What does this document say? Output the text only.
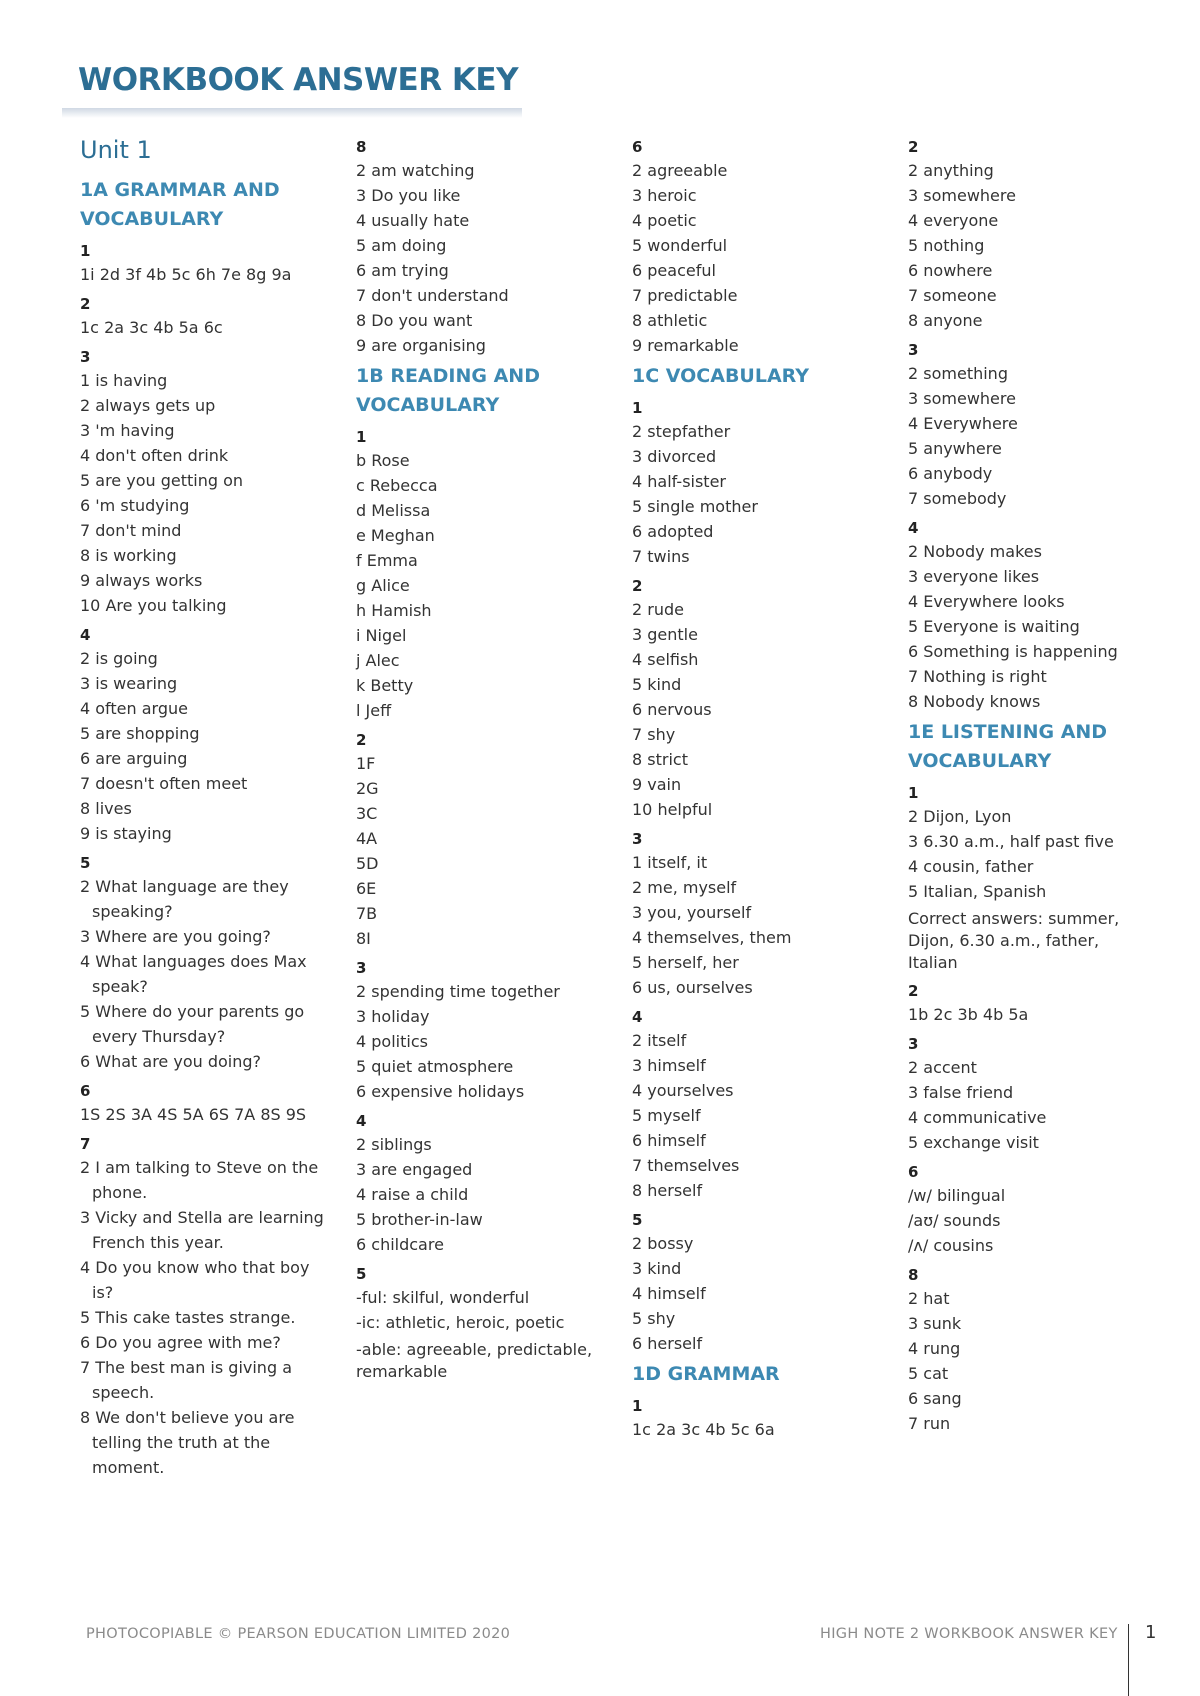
WORKBOOK ANSWER KEY
Unit 1
1A GRAMMAR AND VOCABULARY
1
1i 2d 3f 4b 5c 6h 7e 8g 9a
2
1c 2a 3c 4b 5a 6c
3
1 is having
2 always gets up
3 'm having
4 don't often drink
5 are you getting on
6 'm studying
7 don't mind
8 is working
9 always works
10 Are you talking
4
2 is going
3 is wearing
4 often argue
5 are shopping
6 are arguing
7 doesn't often meet
8 lives
9 is staying
5
2 What language are they speaking?
3 Where are you going?
4 What languages does Max speak?
5 Where do your parents go every Thursday?
6 What are you doing?
6
1S 2S 3A 4S 5A 6S 7A 8S 9S
7
2 I am talking to Steve on the phone.
3 Vicky and Stella are learning French this year.
4 Do you know who that boy is?
5 This cake tastes strange.
6 Do you agree with me?
7 The best man is giving a speech.
8 We don't believe you are telling the truth at the moment.
8
2 am watching
3 Do you like
4 usually hate
5 am doing
6 am trying
7 don't understand
8 Do you want
9 are organising
1B READING AND VOCABULARY
1
b Rose
c Rebecca
d Melissa
e Meghan
f Emma
g Alice
h Hamish
i Nigel
j Alec
k Betty
l Jeff
2
1F
2G
3C
4A
5D
6E
7B
8I
3
2 spending time together
3 holiday
4 politics
5 quiet atmosphere
6 expensive holidays
4
2 siblings
3 are engaged
4 raise a child
5 brother-in-law
6 childcare
5
-ful: skilful, wonderful
-ic: athletic, heroic, poetic
-able: agreeable, predictable, remarkable
6
2 agreeable
3 heroic
4 poetic
5 wonderful
6 peaceful
7 predictable
8 athletic
9 remarkable
1C VOCABULARY
1
2 stepfather
3 divorced
4 half-sister
5 single mother
6 adopted
7 twins
2
2 rude
3 gentle
4 selfish
5 kind
6 nervous
7 shy
8 strict
9 vain
10 helpful
3
1 itself, it
2 me, myself
3 you, yourself
4 themselves, them
5 herself, her
6 us, ourselves
4
2 itself
3 himself
4 yourselves
5 myself
6 himself
7 themselves
8 herself
5
2 bossy
3 kind
4 himself
5 shy
6 herself
1D GRAMMAR
1
1c 2a 3c 4b 5c 6a
2
2 anything
3 somewhere
4 everyone
5 nothing
6 nowhere
7 someone
8 anyone
3
2 something
3 somewhere
4 Everywhere
5 anywhere
6 anybody
7 somebody
4
2 Nobody makes
3 everyone likes
4 Everywhere looks
5 Everyone is waiting
6 Something is happening
7 Nothing is right
8 Nobody knows
1E LISTENING AND VOCABULARY
1
2 Dijon, Lyon
3 6.30 a.m., half past five
4 cousin, father
5 Italian, Spanish
Correct answers: summer, Dijon, 6.30 a.m., father, Italian
2
1b 2c 3b 4b 5a
3
2 accent
3 false friend
4 communicative
5 exchange visit
6
/w/ bilingual
/aʊ/ sounds
/ʌ/ cousins
8
2 hat
3 sunk
4 rung
5 cat
6 sang
7 run
PHOTOCOPIABLE © PEARSON EDUCATION LIMITED 2020	HIGH NOTE 2 WORKBOOK ANSWER KEY 1
